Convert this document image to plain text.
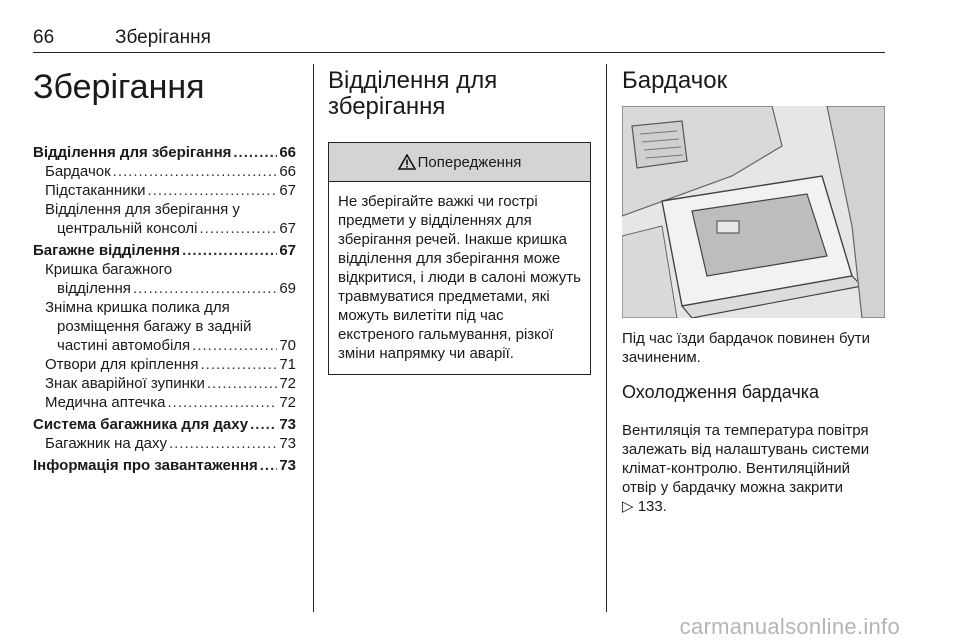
66	Зберігання
Зберігання
Відділення для зберігання .....	66
Бардачок .....	66
Підстаканники .....	67
Відділення для зберігання у
центральній консолі .....	67
Багажне відділення .....	67
Кришка багажного
відділення .....	69
Знімна кришка полика для
розміщення багажу в задній
частині автомобіля .....	70
Отвори для кріплення .....	71
Знак аварійної зупинки .....	72
Медична аптечка .....	72
Система багажника для даху ..... 73
Багажник на даху .....	73
Інформація про завантаження ..... 73
Відділення для
зберігання
Попередження
Не зберігайте важкі чи гострі предмети у відділеннях для зберігання речей. Інакше кришка відділення для зберігання може відкритися, і люди в салоні можуть травмуватися предметами, які можуть вилетіти під час екстреного гальмування, різкої зміни напрямку чи аварії.
Бардачок
Під час їзди бардачок повинен бути зачиненим.
Охолодження бардачка
Вентиляція та температура повітря залежать від налаштувань системи клімат-контролю. Вентиляційний отвір у бардачку можна закрити
▷ 133.
carmanualsonline.info
